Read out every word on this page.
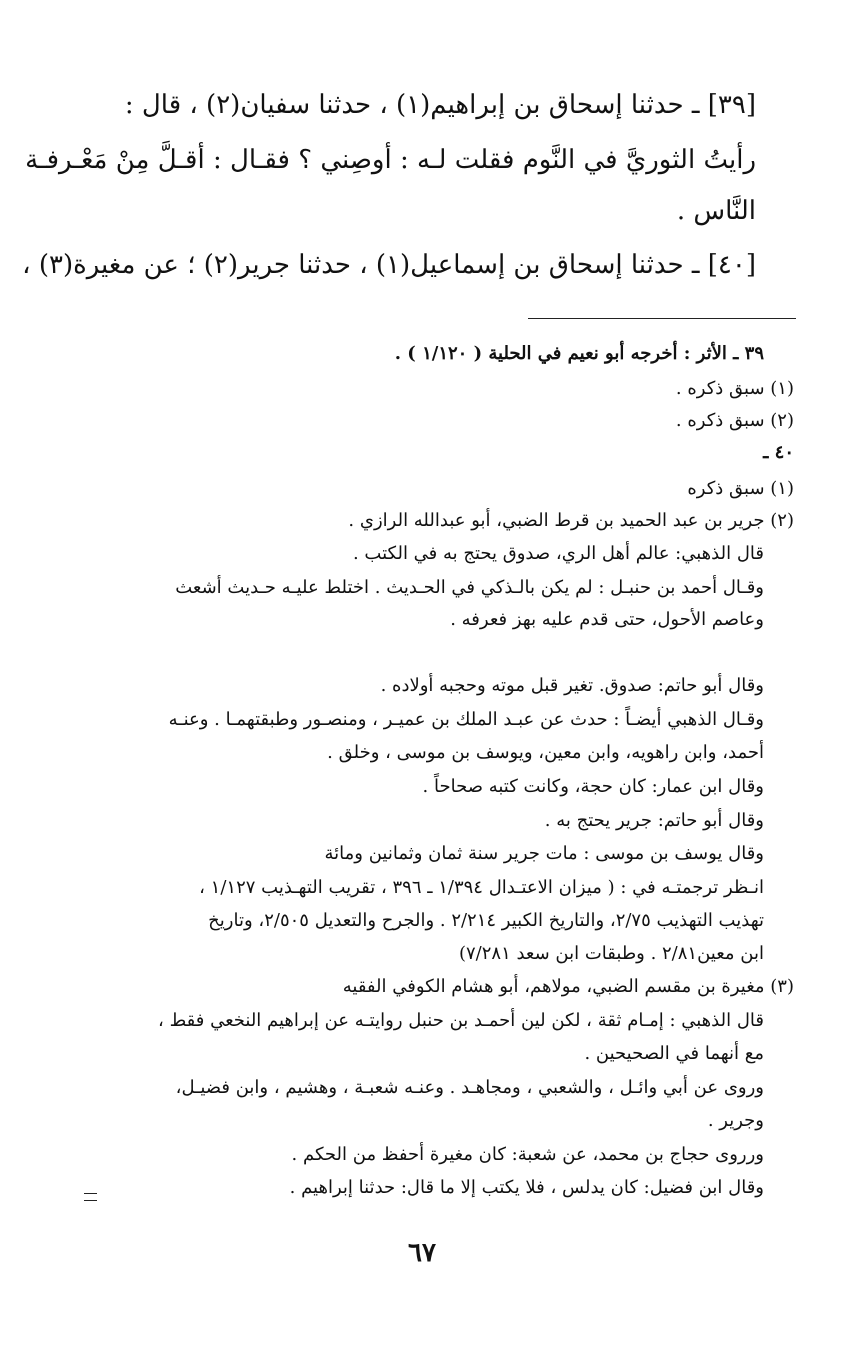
[٣٩] ـ حدثنا إسحاق بن إبراهيم(١) ، حدثنا سفيان(٢) ، قال :
رأيتُ الثوريَّ في النَّوم فقلت لـه : أوصِني ؟ فقـال : أقـلَّ مِنْ مَعْـرفـة
النَّاس .
[٤٠] ـ حدثنا إسحاق بن إسماعيل(١) ، حدثنا جرير(٢) ؛ عن مغيرة(٣) ،
٣٩ ـ الأثر : أخرجه أبو نعيم في الحلية ( ١/١٢٠ ) .
(١) سبق ذكره .
(٢) سبق ذكره .
٤٠ ـ
(١) سبق ذكره
(٢) جرير بن عبد الحميد بن قرط الضبي، أبو عبدالله الرازي .
قال الذهبي: عالم أهل الري، صدوق يحتج به في الكتب .
وقـال أحمد بن حنبـل : لم يكن بالـذكي في الحـديث . اختلط عليـه حـديث أشعث
وعاصم الأحول، حتى قدم عليه بهز فعرفه .
وقال أبو حاتم: صدوق. تغير قبل موته وحجبه أولاده .
وقـال الذهبي أيضـاً : حدث عن عبـد الملك بن عميـر ، ومنصـور وطبقتهمـا . وعنـه
أحمد، وابن راهويه، وابن معين، ويوسف بن موسى ، وخلق .
وقال ابن عمار: كان حجة، وكانت كتبه صحاحاً .
وقال أبو حاتم: جرير يحتج به .
وقال يوسف بن موسى : مات جرير سنة ثمان وثمانين ومائة
انـظر ترجمتـه في : ( ميزان الاعتـدال ١/٣٩٤ ـ ٣٩٦ ، تقريب التهـذيب ١/١٢٧ ،
تهذيب التهذيب ٢/٧٥، والتاريخ الكبير ٢/٢١٤ . والجرح والتعديل ٢/٥٠٥، وتاريخ
ابن معين٢/٨١ . وطبقات ابن سعد ٧/٢٨١)
(٣) مغيرة بن مقسم الضبي، مولاهم، أبو هشام الكوفي الفقيه
قال الذهبي : إمـام ثقة ، لكن لين أحمـد بن حنبل روايتـه عن إبراهيم النخعي فقط ،
مع أنهما في الصحيحين .
وروى عن أبي وائـل ، والشعبي ، ومجاهـد . وعنـه شعبـة ، وهشيم ، وابن فضيـل،
وجرير .
ورروى حجاج بن محمد، عن شعبة: كان مغيرة أحفظ من الحكم .
وقال ابن فضيل: كان يدلس ، فلا يكتب إلا ما قال: حدثنا إبراهيم .
٦٧
